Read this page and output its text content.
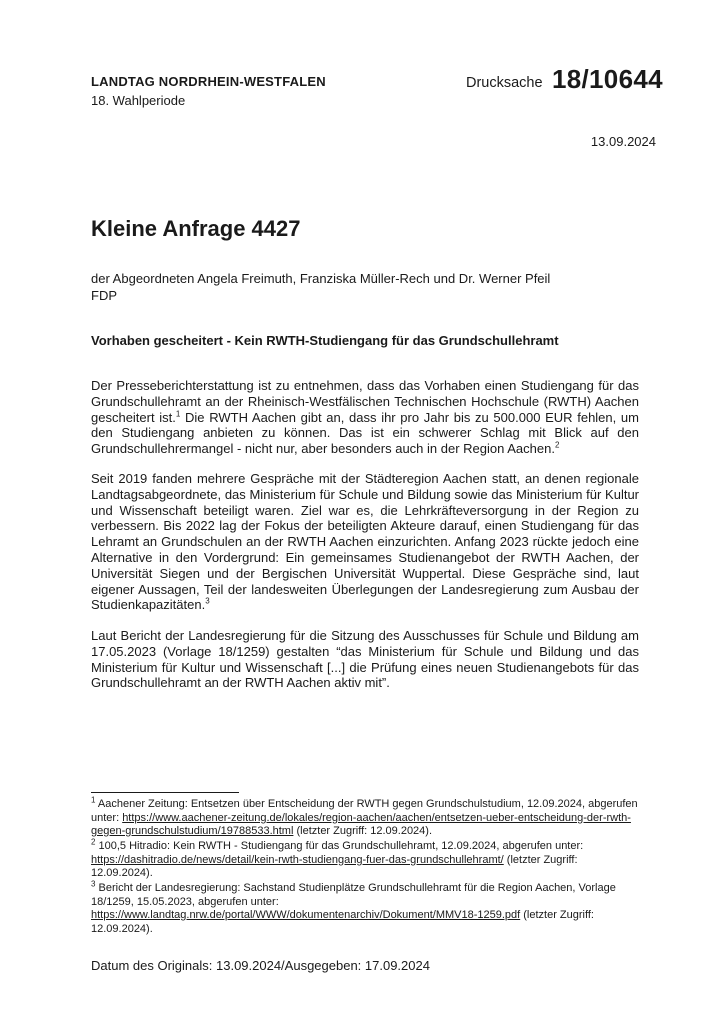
LANDTAG NORDRHEIN-WESTFALEN
18. Wahlperiode
Drucksache 18/10644
13.09.2024
Kleine Anfrage 4427
der Abgeordneten Angela Freimuth, Franziska Müller-Rech und Dr. Werner Pfeil
FDP
Vorhaben gescheitert - Kein RWTH-Studiengang für das Grundschullehramt

Der Presseberichterstattung ist zu entnehmen, dass das Vorhaben einen Studiengang für das Grundschullehramt an der Rheinisch-Westfälischen Technischen Hochschule (RWTH) Aachen gescheitert ist.$^1$ Die RWTH Aachen gibt an, dass ihr pro Jahr bis zu 500.000 EUR fehlen, um den Studiengang anbieten zu können. Das ist ein schwerer Schlag mit Blick auf den Grundschullehrermangel - nicht nur, aber besonders auch in der Region Aachen.$^2$

Seit 2019 fanden mehrere Gespräche mit der Städteregion Aachen statt, an denen regionale Landtagsabgeordnete, das Ministerium für Schule und Bildung sowie das Ministerium für Kultur und Wissenschaft beteiligt waren. Ziel war es, die Lehrkräfteversorgung in der Region zu verbessern. Bis 2022 lag der Fokus der beteiligten Akteure darauf, einen Studiengang für das Lehramt an Grundschulen an der RWTH Aachen einzurichten. Anfang 2023 rückte jedoch eine Alternative in den Vordergrund: Ein gemeinsames Studienangebot der RWTH Aachen, der Universität Siegen und der Bergischen Universität Wuppertal. Diese Gespräche sind, laut eigener Aussagen, Teil der landesweiten Überlegungen der Landesregierung zum Ausbau der Studienkapazitäten.$^3$

Laut Bericht der Landesregierung für die Sitzung des Ausschusses für Schule und Bildung am 17.05.2023 (Vorlage 18/1259) gestalten “das Ministerium für Schule und Bildung und das Ministerium für Kultur und Wissenschaft [...] die Prüfung eines neuen Studienangebots für das Grundschullehramt an der RWTH Aachen aktiv mit”.

$^1$ Aachener Zeitung: Entsetzen über Entscheidung der RWTH gegen Grundschulstudium, 12.09.2024, abgerufen unter: https://www.aachener-zeitung.de/lokales/region-aachen/aachen/entsetzen-ueber-entscheidung-der-rwth-gegen-grundschulstudium/19788533.html (letzter Zugriff: 12.09.2024).

$^2$ 100,5 Hitradio: Kein RWTH - Studiengang für das Grundschullehramt, 12.09.2024, abgerufen unter: https://dashitradio.de/news/detail/kein-rwth-studiengang-fuer-das-grundschullehramt/ (letzter Zugriff: 12.09.2024).

$^3$ Bericht der Landesregierung: Sachstand Studienplätze Grundschullehramt für die Region Aachen, Vorlage 18/1259, 15.05.2023, abgerufen unter: https://www.landtag.nrw.de/portal/WWW/dokumentenarchiv/Dokument/MMV18-1259.pdf (letzter Zugriff: 12.09.2024).

Datum des Originals: 13.09.2024/Ausgegeben: 17.09.2024
